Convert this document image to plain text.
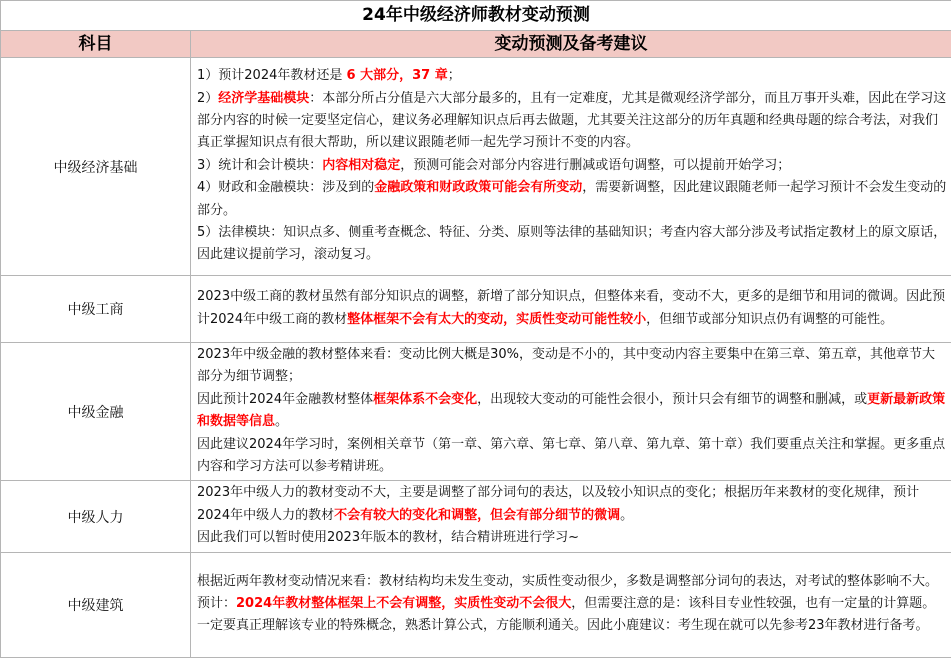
24年中级经济师教材变动预测	
科目	变动预测及备考建议
中级经济基础	1）预计2024年教材还是 6 大部分，37 章；
2）经济学基础模块：本部分所占分值是六大部分最多的，且有一定难度，尤其是微观经济学部分，而且万事开头难，因此在学习这部分内容的时候一定要坚定信心，建议务必理解知识点后再去做题，尤其要关注这部分的历年真题和经典母题的综合考法，对我们真正掌握知识点有很大帮助，所以建议跟随老师一起先学习预计不变的内容。
3）统计和会计模块：内容相对稳定，预测可能会对部分内容进行删减或语句调整，可以提前开始学习；
4）财政和金融模块：涉及到的金融政策和财政政策可能会有所变动，需要新调整，因此建议跟随老师一起学习预计不会发生变动的部分。
5）法律模块：知识点多、侧重考查概念、特征、分类、原则等法律的基础知识；考查内容大部分涉及考试指定教材上的原文原话，因此建议提前学习，滚动复习。

中级工商	2023中级工商的教材虽然有部分知识点的调整，新增了部分知识点，但整体来看，变动不大，更多的是细节和用词的微调。因此预计2024年中级工商的教材整体框架不会有太大的变动，实质性变动可能性较小，但细节或部分知识点仍有调整的可能性。

中级金融	2023年中级金融的教材整体来看：变动比例大概是30%，变动是不小的，其中变动内容主要集中在第三章、第五章，其他章节大部分为细节调整；
因此预计2024年金融教材整体框架体系不会变化，出现较大变动的可能性会很小，预计只会有细节的调整和删减，或更新最新政策和数据等信息。
因此建议2024年学习时，案例相关章节（第一章、第六章、第七章、第八章、第九章、第十章）我们要重点关注和掌握。更多重点内容和学习方法可以参考精讲班。

中级人力	2023年中级人力的教材变动不大，主要是调整了部分词句的表达，以及较小知识点的变化；根据历年来教材的变化规律，预计2024年中级人力的教材不会有较大的变化和调整，但会有部分细节的微调。
因此我们可以暂时使用2023年版本的教材，结合精讲班进行学习~

中级建筑	根据近两年教材变动情况来看：教材结构均未发生变动，实质性变动很少，多数是调整部分词句的表达，对考试的整体影响不大。
预计：2024年教材整体框架上不会有调整，实质性变动不会很大，但需要注意的是：该科目专业性较强，也有一定量的计算题。一定要真正理解该专业的特殊概念，熟悉计算公式，方能顺利通关。因此小鹿建议：考生现在就可以先参考23年教材进行备考。
